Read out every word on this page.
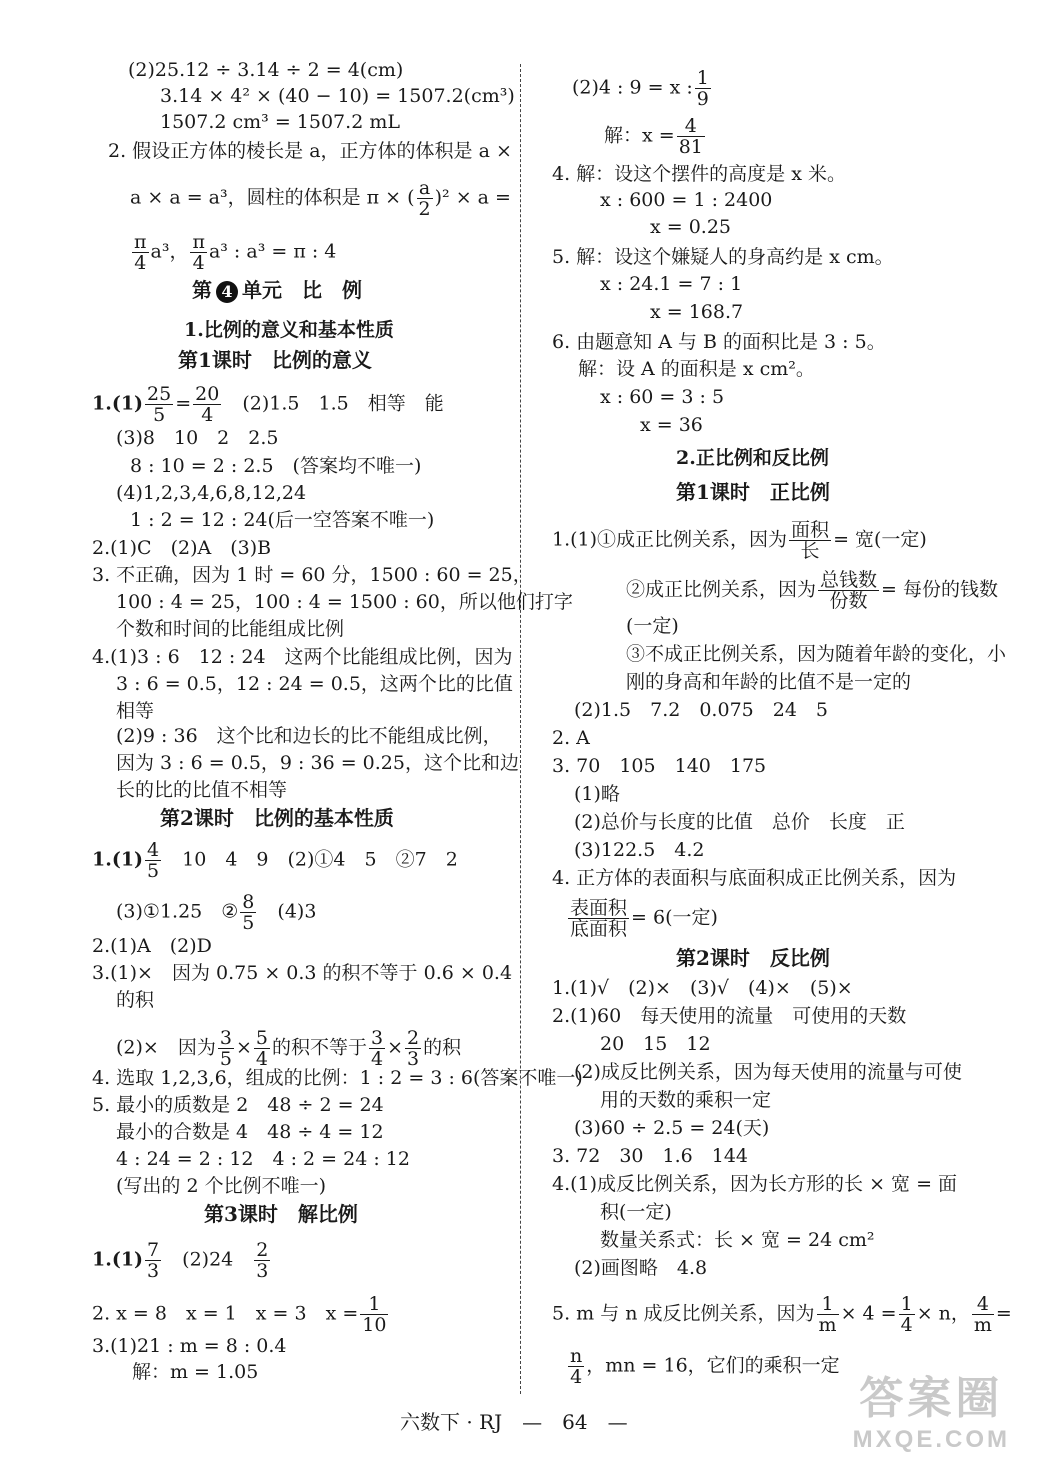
(2)25.12 ÷ 3.14 ÷ 2 = 4(cm)
3.14 × 4² × (40 − 10) = 1507.2(cm³)
1507.2 cm³ = 1507.2 mL
2. 假设正方体的棱长是 a，正方体的体积是 a ×
a × a = a³，圆柱的体积是 π × ( $\frac{a}{2} )^2 \times a$ =
$\frac{\pi}{4} a^3$， $\frac{\pi}{4} a^3$ : a³ = π : 4
第 4 单元　比　例
1.比例的意义和基本性质
第1课时　比例的意义
$1.(1) \frac{25}{5} = \frac{20}{4}$
　 (2)1.5　1.5　相等　能
(3)8　10　2　2.5
8 : 10 = 2 : 2.5　(答案均不唯一)
(4)1,2,3,4,6,8,12,24
1 : 2 = 12 : 24(后一空答案不唯一)
2.(1)C　(2)A　(3)B
3. 不正确，因为 1 时 = 60 分，1500 : 60 = 25，
100 : 4 = 25，100 : 4 = 1500 : 60，所以他们打字
个数和时间的比能组成比例
4.(1)3 : 6　12 : 24　这两个比能组成比例，因为
3 : 6 = 0.5，12 : 24 = 0.5，这两个比的比值
相等
(2)9 : 36　这个比和边长的比不能组成比例，
因为 3 : 6 = 0.5，9 : 36 = 0.25，这个比和边
长的比的比值不相等
第2课时　比例的基本性质
$1.(1) \frac{4}{5}$
　 10　4　9　(2)①4　5　②7　2
(3)①1.25　② $\frac{8}{5}$
　 (4)3
2.(1)A　(2)D
3.(1)×　因为 0.75 × 0.3 的积不等于 0.6 × 0.4
的积
(2)×　因为 $\frac{3}{5} \times \frac{5}{4}$ 的积不等于 $\frac{3}{4} \times \frac{2}{3}$ 的积
4. 选取 1,2,3,6，组成的比例：1 : 2 = 3 : 6(答案不唯一)
5. 最小的质数是 2　48 ÷ 2 = 24
最小的合数是 4　48 ÷ 4 = 12
4 : 24 = 2 : 12　4 : 2 = 24 : 12
(写出的 2 个比例不唯一)
第3课时　解比例
$1.(1) \frac{7}{3}$
　 (2)24　 $\frac{2}{3}$
2. x = 8　x = 1　x = 3　$x = \frac{1}{10}$
3.(1)21 : m = 8 : 0.4
解：m = 1.05
(2)4 : 9 = x : $\frac{1}{9}$
解：$x = \frac{4}{81}$
4. 解：设这个摆件的高度是 x 米。
x : 600 = 1 : 2400
x = 0.25
5. 解：设这个嫌疑人的身高约是 x cm。
x : 24.1 = 7 : 1
x = 168.7
6. 由题意知 A 与 B 的面积比是 3 : 5。
解：设 A 的面积是 x cm²。
x : 60 = 3 : 5
x = 36
2.正比例和反比例
第1课时　正比例
1.(1)①成正比例关系，因为 $\frac{\text{面积}}{\text{长}}$ = 宽(一定)
②成正比例关系，因为 $\frac{\text{总钱数}}{\text{份数}}$ = 每份的钱数
(一定)
③不成正比例关系，因为随着年龄的变化，小
刚的身高和年龄的比值不是一定的
(2)1.5　7.2　0.075　24　5
2. A
3. 70　105　140　175
(1)略
(2)总价与长度的比值　总价　长度　正
(3)122.5　4.2
4. 正方体的表面积与底面积成正比例关系，因为
$\frac{\text{表面积}}{\text{底面积}} = 6$(一定)
第2课时　反比例
1.(1)√　(2)×　(3)√　(4)×　(5)×
2.(1)60　每天使用的流量　可使用的天数
20　15　12
(2)成反比例关系，因为每天使用的流量与可使
用的天数的乘积一定
(3)60 ÷ 2.5 = 24(天)
3. 72　30　1.6　144
4.(1)成反比例关系，因为长方形的长 × 宽 = 面
积(一定)
数量关系式：长 × 宽 = 24 cm²
(2)画图略　4.8
5. m 与 n 成反比例关系，因为 $\frac{1}{m} \times 4 = \frac{1}{4} \times n$， $\frac{4}{m}$ =
$\frac{n}{4}$ ，mn = 16，它们的乘积一定
六数下 · RJ　—　64　—	答案圈
MXQE.COM
